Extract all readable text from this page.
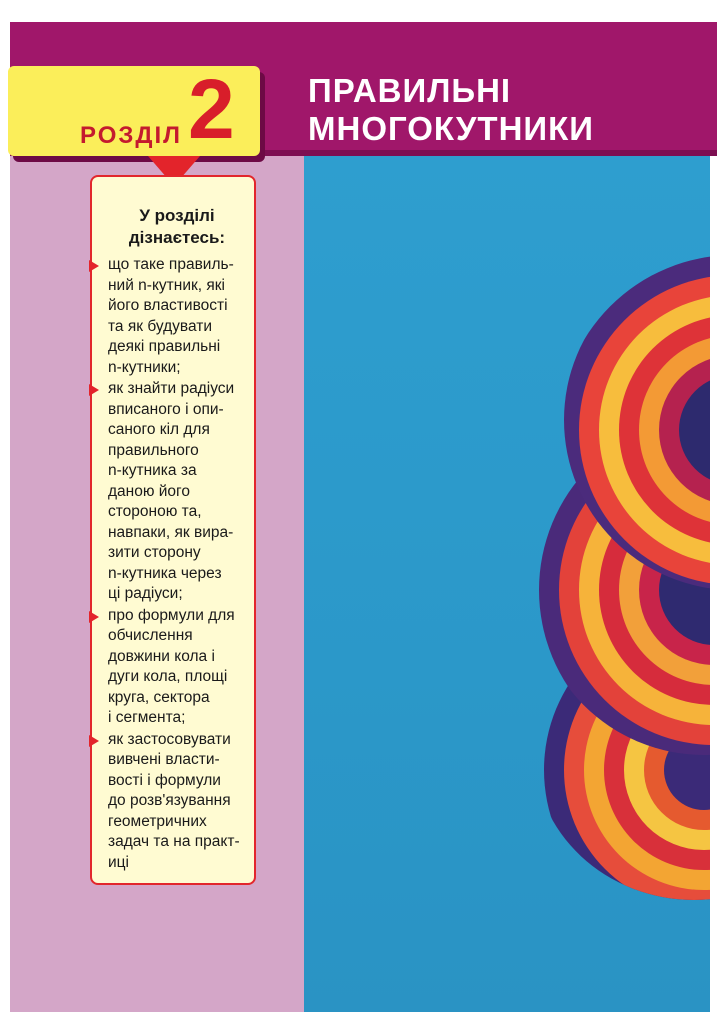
ПРАВИЛЬНІ
МНОГОКУТНИКИ
РОЗДІЛ 2
У розділі
дізнаєтесь:
що таке правиль-
ний n-кутник, які
його властивості
та як будувати
деякі правильні
n-кутники;
як знайти радіуси
вписаного і опи-
саного кіл для
правильного
n-кутника за
даною його
стороною та,
навпаки, як вира-
зити сторону
n-кутника через
ці радіуси;
про формули для
обчислення
довжини кола і
дуги кола, площі
круга, сектора
і сегмента;
як застосовувати
вивчені власти-
вості і формули
до розв'язування
геометричних
задач та на практ-
иці
